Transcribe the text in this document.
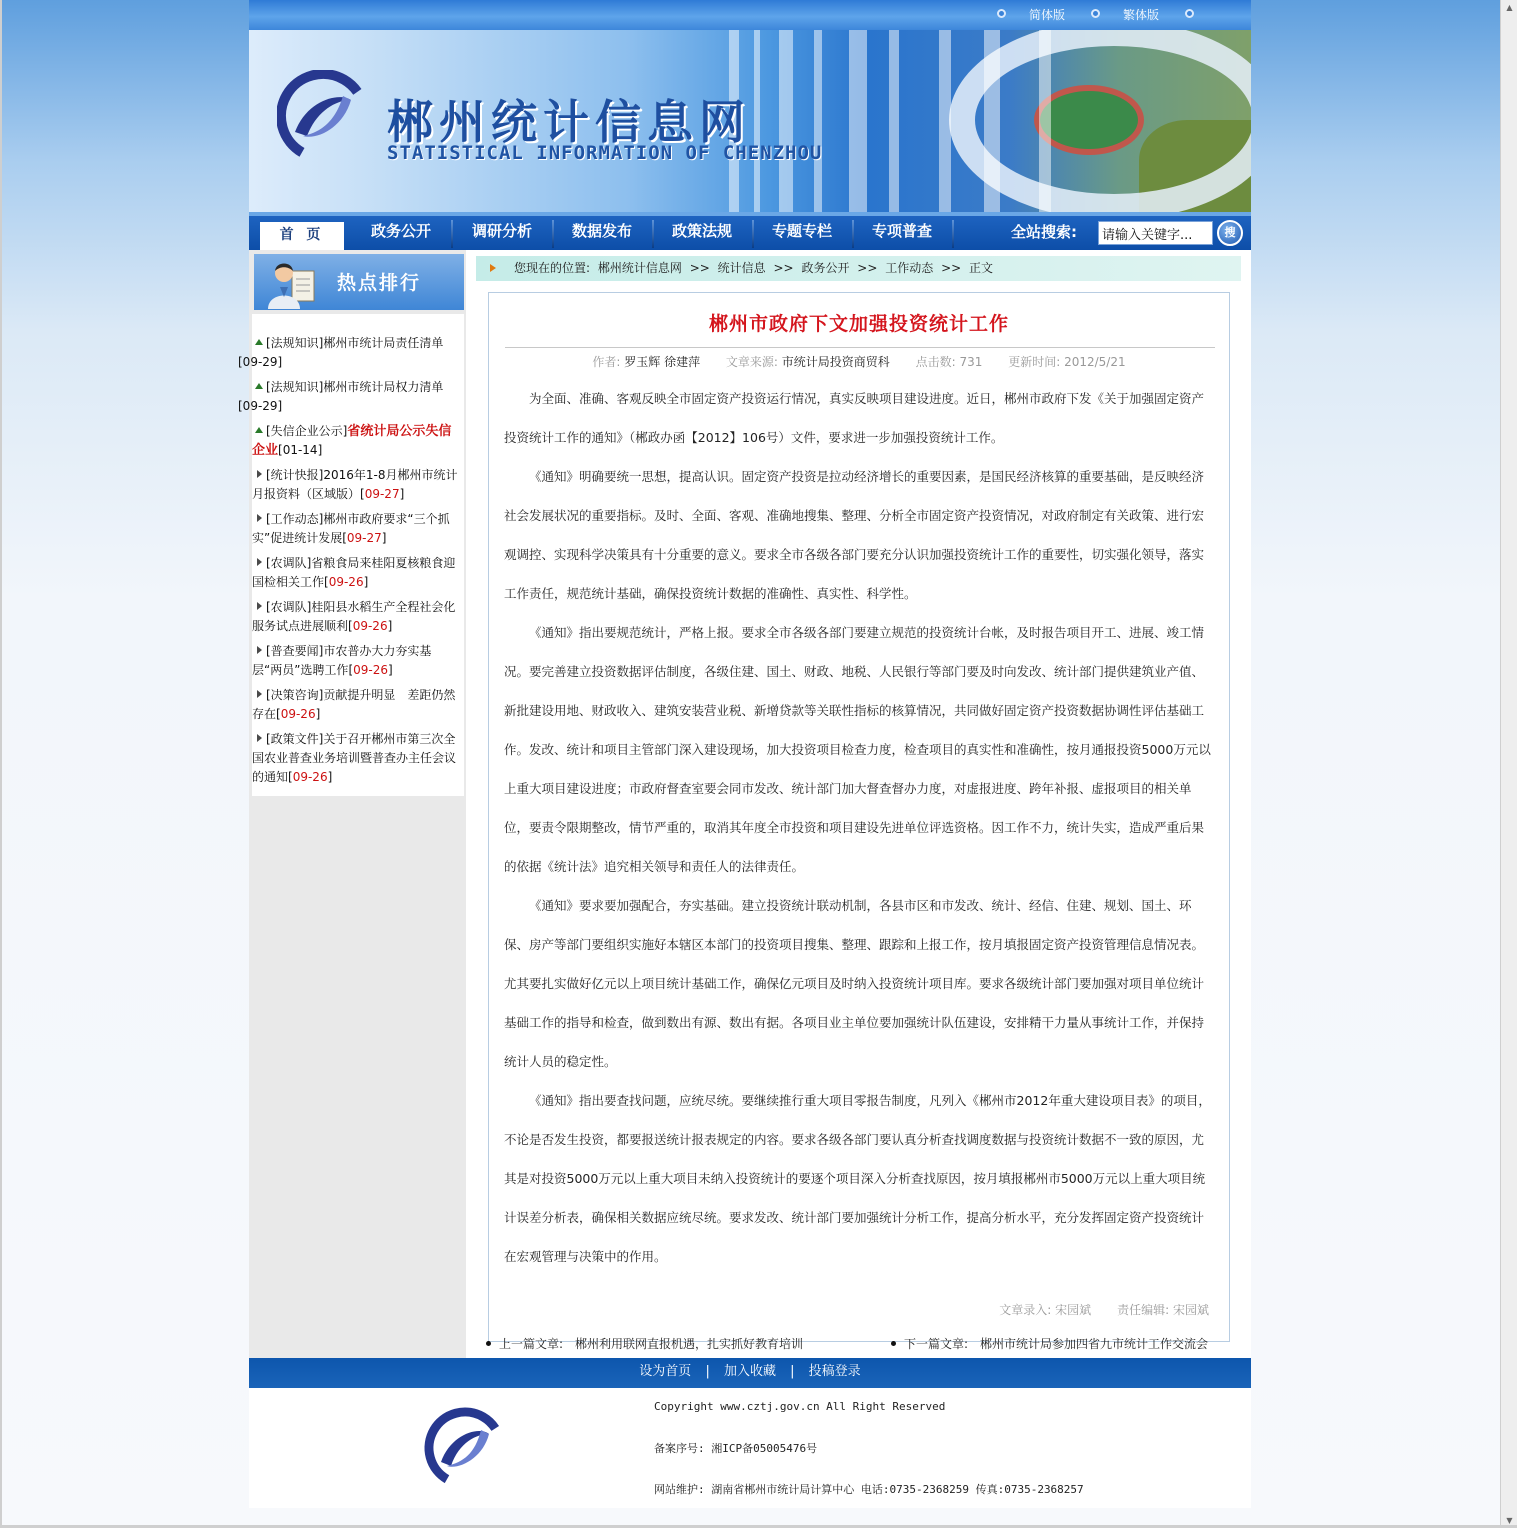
▲
▼
简体版	繁体版
郴州统计信息网
STATISTICAL INFORMATION OF CHENZHOU
首 页	政务公开	调研分析	数据发布	政策法规	专题专栏	专项普查	全站搜索:
请输入关键字...	搜
热点排行
[法规知识]郴州市统计局责任清单
[09-29]
[法规知识]郴州市统计局权力清单
[09-29]
[失信企业公示]省统计局公示失信企业[01-14]
[统计快报]2016年1-8月郴州市统计月报资料（区域版）[09-27]
[工作动态]郴州市政府要求“三个抓实”促进统计发展[09-27]
[农调队]省粮食局来桂阳夏核粮食迎国检相关工作[09-26]
[农调队]桂阳县水稻生产全程社会化服务试点进展顺利[09-26]
[普查要闻]市农普办大力夯实基层“两员”选聘工作[09-26]
[决策咨询]贡献提升明显　差距仍然存在[09-26]
[政策文件]关于召开郴州市第三次全国农业普查业务培训暨普查办主任会议的通知[09-26]
您现在的位置: 郴州统计信息网 >> 统计信息 >> 政务公开 >> 工作动态 >> 正文
郴州市政府下文加强投资统计工作
作者: 罗玉辉 徐建萍 文章来源: 市统计局投资商贸科 点击数: 731 更新时间: 2012/5/21

为全面、准确、客观反映全市固定资产投资运行情况，真实反映项目建设进度。近日，郴州市政府下发《关于加强固定资产投资统计工作的通知》（郴政办函【2012】106号）文件，要求进一步加强投资统计工作。

《通知》明确要统一思想，提高认识。固定资产投资是拉动经济增长的重要因素，是国民经济核算的重要基础，是反映经济社会发展状况的重要指标。及时、全面、客观、准确地搜集、整理、分析全市固定资产投资情况，对政府制定有关政策、进行宏观调控、实现科学决策具有十分重要的意义。要求全市各级各部门要充分认识加强投资统计工作的重要性，切实强化领导，落实工作责任，规范统计基础，确保投资统计数据的准确性、真实性、科学性。

《通知》指出要规范统计，严格上报。要求全市各级各部门要建立规范的投资统计台帐，及时报告项目开工、进展、竣工情况。要完善建立投资数据评估制度，各级住建、国土、财政、地税、人民银行等部门要及时向发改、统计部门提供建筑业产值、新批建设用地、财政收入、建筑安装营业税、新增贷款等关联性指标的核算情况，共同做好固定资产投资数据协调性评估基础工作。发改、统计和项目主管部门深入建设现场，加大投资项目检查力度，检查项目的真实性和准确性，按月通报投资5000万元以上重大项目建设进度；市政府督查室要会同市发改、统计部门加大督查督办力度，对虚报进度、跨年补报、虚报项目的相关单位，要责令限期整改，情节严重的，取消其年度全市投资和项目建设先进单位评选资格。因工作不力，统计失实，造成严重后果的依据《统计法》追究相关领导和责任人的法律责任。

《通知》要求要加强配合，夯实基础。建立投资统计联动机制，各县市区和市发改、统计、经信、住建、规划、国土、环保、房产等部门要组织实施好本辖区本部门的投资项目搜集、整理、跟踪和上报工作，按月填报固定资产投资管理信息情况表。尤其要扎实做好亿元以上项目统计基础工作，确保亿元项目及时纳入投资统计项目库。要求各级统计部门要加强对项目单位统计基础工作的指导和检查，做到数出有源、数出有据。各项目业主单位要加强统计队伍建设，安排精干力量从事统计工作，并保持统计人员的稳定性。

《通知》指出要查找问题，应统尽统。要继续推行重大项目零报告制度，凡列入《郴州市2012年重大建设项目表》的项目，不论是否发生投资，都要报送统计报表规定的内容。要求各级各部门要认真分析查找调度数据与投资统计数据不一致的原因，尤其是对投资5000万元以上重大项目未纳入投资统计的要逐个项目深入分析查找原因，按月填报郴州市5000万元以上重大项目统计误差分析表，确保相关数据应统尽统。要求发改、统计部门要加强统计分析工作，提高分析水平，充分发挥固定资产投资统计在宏观管理与决策中的作用。

文章录入: 宋园斌 责任编辑: 宋园斌
上一篇文章: 郴州利用联网直报机遇，扎实抓好教育培训	下一篇文章: 郴州市统计局参加四省九市统计工作交流会
设为首页 | 加入收藏 | 投稿登录
Copyright www.cztj.gov.cn All Right Reserved
备案序号: 湘ICP备05005476号
网站维护: 湖南省郴州市统计局计算中心 电话:0735-2368259 传真:0735-2368257
